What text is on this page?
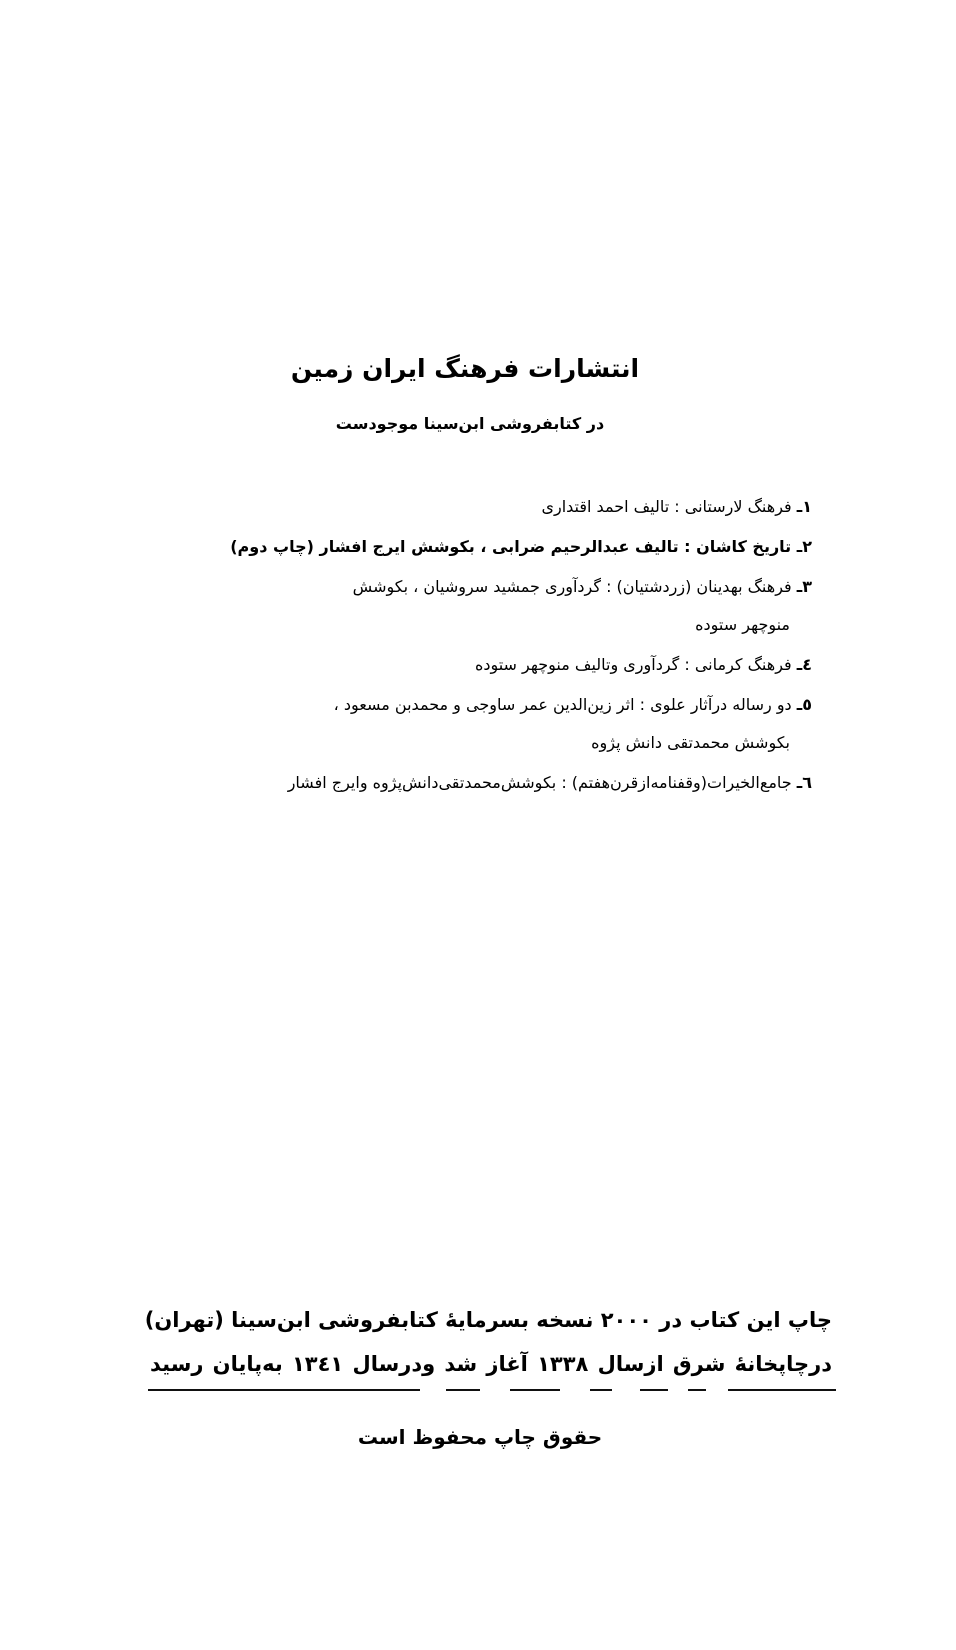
انتشارات فرهنگ ایران زمین
در کتابفروشی ابن‌سینا موجودست
۱ـ فرهنگ لارستانی : تالیف احمد اقتداری
۲ـ تاریخ کاشان : تالیف عبدالرحیم ضرابی ، بکوشش ایرج افشار (چاپ دوم)
۳ـ فرهنگ بهدینان (زردشتیان) : گردآوری جمشید سروشیان ، بکوشش
منوچهر ستوده
٤ـ فرهنگ کرمانی : گردآوری وتالیف منوچهر ستوده
٥ـ دو رساله درآثار علوی : اثر زین‌الدین عمر ساوجی و محمدبن مسعود ،
بکوشش محمدتقی دانش پژوه
٦ـ جامع‌الخیرات(وقفنامه‌ازقرن‌هفتم) : بکوشش‌محمدتقی‌دانش‌پژوه وایرج افشار
چاپ این کتاب در ۲۰۰۰ نسخه بسرمایهٔ کتابفروشی ابن‌سینا (تهران)
درچاپخانهٔ شرق ازسال ۱۳۳۸ آغاز شد ودرسال ۱۳٤۱ به‌پایان رسید
حقوق چاپ محفوظ است
